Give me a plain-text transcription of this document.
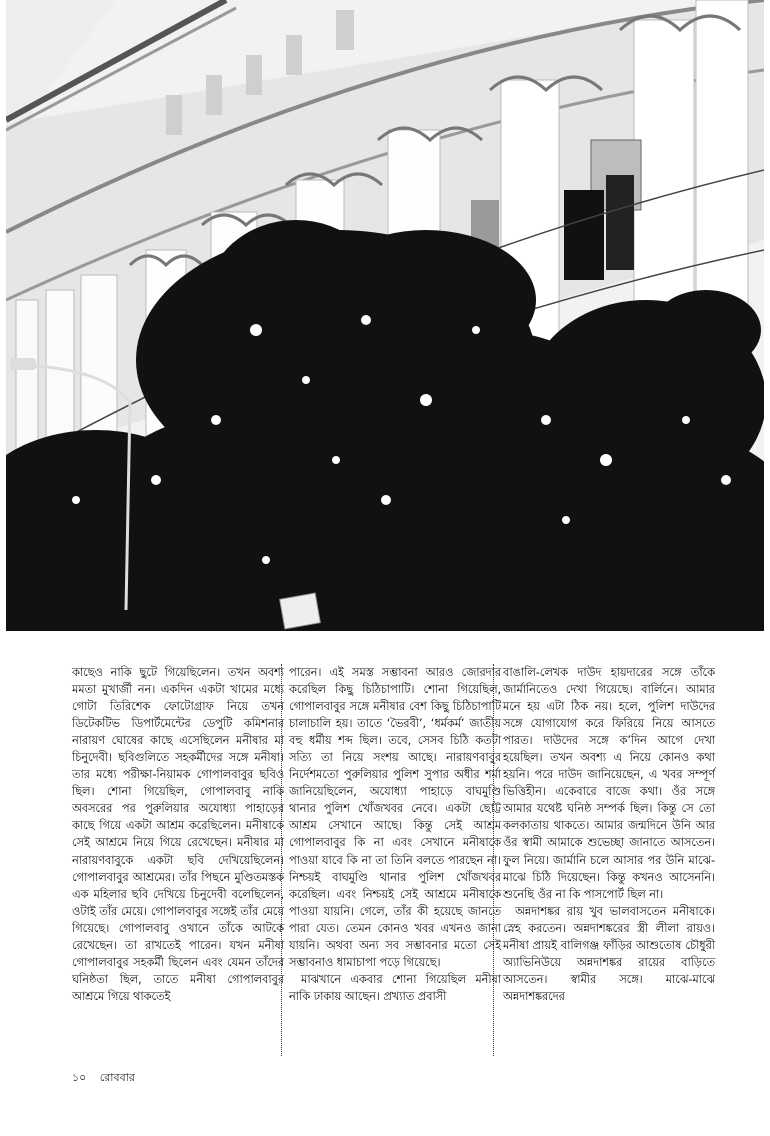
কাছেও নাকি ছুটে গিয়েছিলেন। তখন অবশ্য মমতা মুখার্জী নন। একদিন একটা খামের মধ্যে গোটা তিরিশেক ফোটোগ্রাফ নিয়ে তখন ডিটেকটিভ ডিপার্টমেন্টের ডেপুটি কমিশনার নারায়ণ ঘোষের কাছে এসেছিলেন মনীষার মা চিনুদেবী। ছবিগুলিতে সহকর্মীদের সঙ্গে মনীষা। তার মধ্যে পরীক্ষা-নিয়ামক গোপালবাবুর ছবিও ছিল। শোনা গিয়েছিল, গোপালবাবু নাকি অবসরের পর পুরুলিয়ার অযোধ্যা পাহাড়ের কাছে গিয়ে একটা আশ্রম করেছিলেন। মনীষাকে সেই আশ্রমে নিয়ে গিয়ে রেখেছেন। মনীষার মা নারায়ণবাবুকে একটা ছবি দেখিয়েছিলেন। গোপালবাবুর আশ্রমের। তাঁর পিছনে মুণ্ডিতমস্তক এক মহিলার ছবি দেখিয়ে চিনুদেবী বলেছিলেন, ওটাই তাঁর মেয়ে। গোপালবাবুর সঙ্গেই তাঁর মেয়ে গিয়েছে। গোপালবাবু ওখানে তাঁকে আটকে রেখেছেন। তা রাখতেই পারেন। যখন মনীষা গোপালবাবুর সহকর্মী ছিলেন এবং যেমন তাঁদের ঘনিষ্ঠতা ছিল, তাতে মনীষা গোপালবাবুর আশ্রমে গিয়ে থাকতেই

পারেন। এই সমস্ত সম্ভাবনা আরও জোরদার করেছিল কিছু চিঠিচাপাটি। শোনা গিয়েছিল, গোপালবাবুর সঙ্গে মনীষার বেশ কিছু চিঠিচাপাটি চালাচালি হয়। তাতে ‘ভৈরবী’, ‘ধর্মকর্ম’ জাতীয় বহু ধর্মীয় শব্দ ছিল। তবে, সেসব চিঠি কতটা সত্যি তা নিয়ে সংশয় আছে। নারায়ণবাবুর নির্দেশমতো পুরুলিয়ার পুলিশ সুপার অধীর শর্মা জানিয়েছিলেন, অযোধ্যা পাহাড়ে বাঘমুণ্ডি থানার পুলিশ খোঁজখবর নেবে। একটা ছোট্ট আশ্রম সেখানে আছে। কিন্তু সেই আশ্রম গোপালবাবুর কি না এবং সেখানে মনীষাকে পাওয়া যাবে কি না তা তিনি বলতে পারছেন না। নিশ্চয়ই বাঘমুণ্ডি থানার পুলিশ খোঁজখবর করেছিল। এবং নিশ্চয়ই সেই আশ্রমে মনীষাকে পাওয়া যায়নি। গেলে, তাঁর কী হয়েছে জানতে পারা যেত। তেমন কোনও খবর এখনও জানা যায়নি। অথবা অন্য সব সম্ভাবনার মতো সেই সম্ভাবনাও ধামাচাপা পড়ে গিয়েছে।

মাঝখানে একবার শোনা গিয়েছিল মনীষা নাকি ঢাকায় আছেন। প্রখ্যাত প্রবাসী

বাঙালি-লেখক দাউদ হায়দারের সঙ্গে তাঁকে জার্মানিতেও দেখা গিয়েছে। বার্লিনে। আমার মনে হয় এটা ঠিক নয়। হলে, পুলিশ দাউদের সঙ্গে যোগাযোগ করে ফিরিয়ে নিয়ে আসতে পারত। দাউদের সঙ্গে ক’দিন আগে দেখা হয়েছিল। তখন অবশ্য এ নিয়ে কোনও কথা হয়নি। পরে দাউদ জানিয়েছেন, এ খবর সম্পূর্ণ ভিত্তিহীন। একেবারে বাজে কথা। ওঁর সঙ্গে আমার যথেষ্ট ঘনিষ্ঠ সম্পর্ক ছিল। কিন্তু সে তো কলকাতায় থাকতে। আমার জন্মদিনে উনি আর ওঁর স্বামী আমাকে শুভেচ্ছা জানাতে আসতেন। ফুল নিয়ে। জার্মানি চলে আসার পর উনি মাঝে-মাঝে চিঠি দিয়েছেন। কিন্তু কখনও আসেননি। শুনেছি ওঁর না কি পাসপোর্ট ছিল না।

অন্নদাশঙ্কর রায় খুব ভালবাসতেন মনীষাকে। স্নেহ করতেন। অন্নদাশঙ্করের স্ত্রী লীলা রায়ও। মনীষা প্রায়ই বালিগঞ্জ ফাঁড়ির আশুতোষ চৌধুরী অ্যাভিনিউয়ে অন্নদাশঙ্কর রায়ের বাড়িতে আসতেন। স্বামীর সঙ্গে। মাঝে-মাঝে অন্নদাশঙ্করদের

১০ রোববার
